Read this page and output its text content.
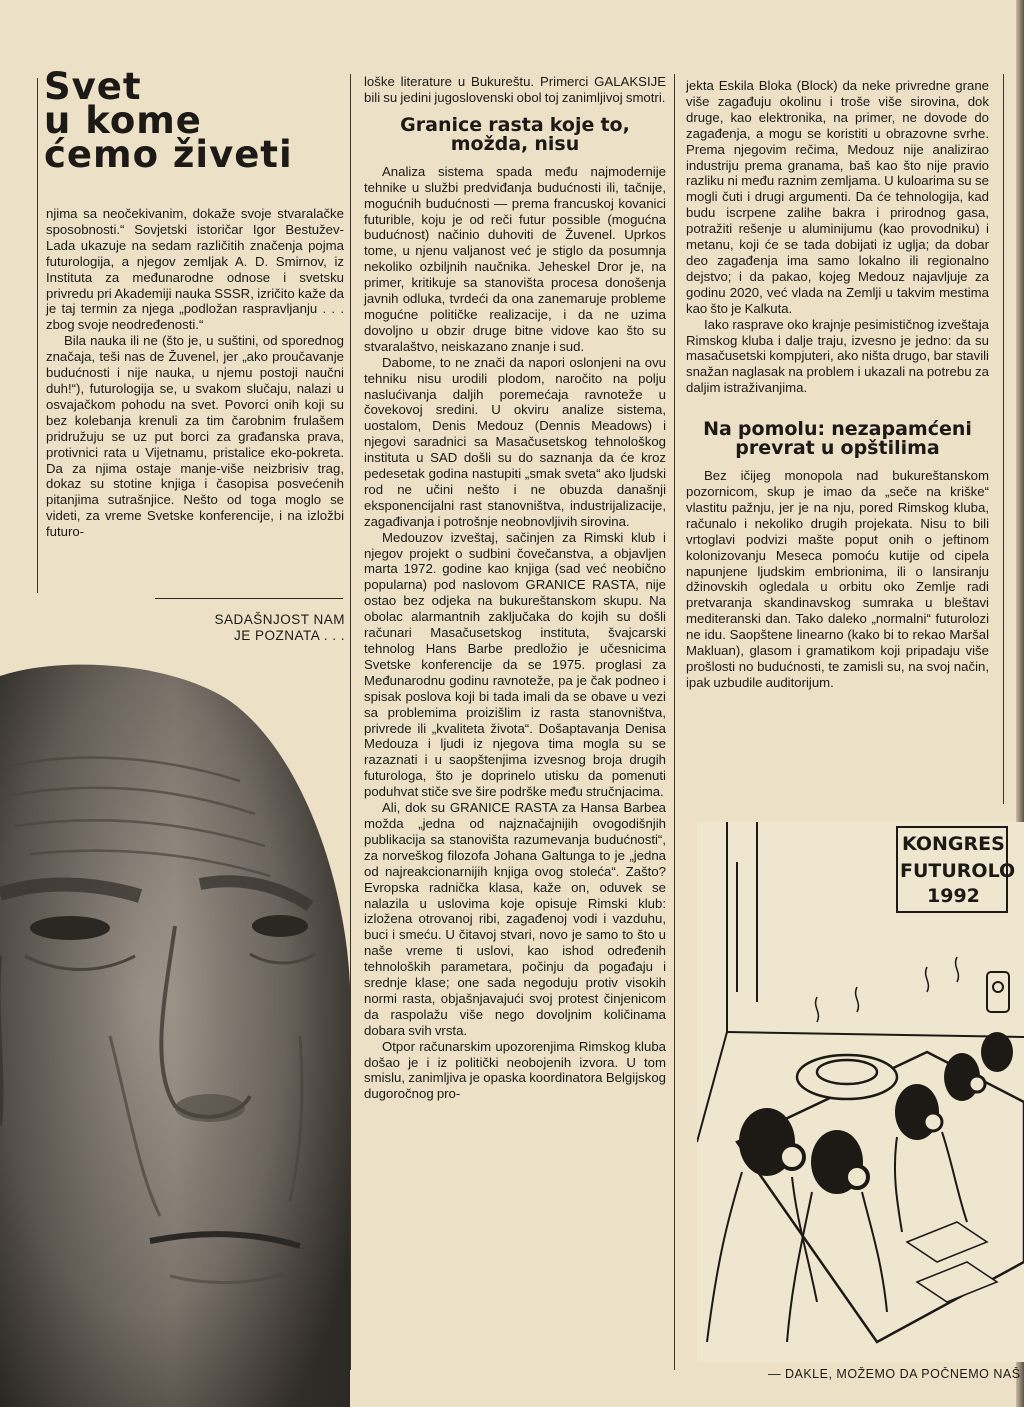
Svet
u kome
ćemo živeti

njima sa neočekivanim, dokaže svoje stvaralačke sposobnosti.“ Sovjetski istoričar Igor Bestužev-Lada ukazuje na sedam različitih značenja pojma futurologija, a njegov zemljak A. D. Smirnov, iz Instituta za međunarodne odnose i svetsku privredu pri Akademiji nauka SSSR, izričito kaže da je taj termin za njega „podložan raspravljanju . . . zbog svoje neodređenosti.“

Bila nauka ili ne (što je, u suštini, od sporednog značaja, teši nas de Žuvenel, jer „ako proučavanje budućnosti i nije nauka, u njemu postoji naučni duh!“), futurologija se, u svakom slučaju, nalazi u osvajačkom pohodu na svet. Povorci onih koji su bez kolebanja krenuli za tim čarobnim frulašem pridružuju se uz put borci za građanska prava, protivnici rata u Vijetnamu, pristalice eko-pokreta. Da za njima ostaje manje-više neizbrisiv trag, dokaz su stotine knjiga i časopisa posvećenih pitanjima sutrašnjice. Nešto od toga moglo se videti, za vreme Svetske konferencije, i na izložbi futuro-

SADAŠNJOST NAM
JE POZNATA . . .

loške literature u Bukureštu. Primerci GALAKSIJE bili su jedini jugoslovenski obol toj zanimljivoj smotri.

Granice rasta koje to,
možda, nisu

Analiza sistema spada među najmodernije tehnike u službi predviđanja budućnosti ili, tačnije, mogućnih budućnosti — prema francuskoj kovanici futurible, koju je od reči futur possible (mogućna budućnost) načinio duhoviti de Žuvenel. Uprkos tome, u njenu valjanost već je stiglo da posumnja nekoliko ozbiljnih naučnika. Jeheskel Dror je, na primer, kritikuje sa stanovišta procesa donošenja javnih odluka, tvrdeći da ona zanemaruje probleme mogućne političke realizacije, i da ne uzima dovoljno u obzir druge bitne vidove kao što su stvaralaštvo, neiskazano znanje i sud.

Dabome, to ne znači da napori oslonjeni na ovu tehniku nisu urodili plodom, naročito na polju naslućivanja daljih poremećaja ravnoteže u čovekovoj sredini. U okviru analize sistema, uostalom, Denis Medouz (Dennis Meadows) i njegovi saradnici sa Masačusetskog tehnološkog instituta u SAD došli su do saznanja da će kroz pedesetak godina nastupiti „smak sveta“ ako ljudski rod ne učini nešto i ne obuzda današnji eksponencijalni rast stanovništva, industrijalizacije, zagađivanja i potrošnje neobnovljivih sirovina.

Medouzov izveštaj, sačinjen za Rimski klub i njegov projekt o sudbini čovečanstva, a objavljen marta 1972. godine kao knjiga (sad već neobično popularna) pod naslovom GRANICE RASTA, nije ostao bez odjeka na bukureštanskom skupu. Na obolac alarmantnih zaključaka do kojih su došli računari Masačusetskog instituta, švajcarski tehnolog Hans Barbe predložio je učesnicima Svetske konferencije da se 1975. proglasi za Međunarodnu godinu ravnoteže, pa je čak podneo i spisak poslova koji bi tada imali da se obave u vezi sa problemima proizišlim iz rasta stanovništva, privrede ili „kvaliteta života“. Došaptavanja Denisa Medouza i ljudi iz njegova tima mogla su se razaznati i u saopštenjima izvesnog broja drugih futurologa, što je doprinelo utisku da pomenuti poduhvat stiče sve šire podrške među stručnjacima.

Ali, dok su GRANICE RASTA za Hansa Barbea možda „jedna od najznačajnijih ovogodišnjih publikacija sa stanovišta razumevanja budućnosti“, za norveškog filozofa Johana Galtunga to je „jedna od najreakcionarnijih knjiga ovog stoleća“. Zašto? Evropska radnička klasa, kaže on, oduvek se nalazila u uslovima koje opisuje Rimski klub: izložena otrovanoj ribi, zagađenoj vodi i vazduhu, buci i smeću. U čitavoj stvari, novo je samo to što u naše vreme ti uslovi, kao ishod određenih tehnoloških parametara, počinju da pogađaju i srednje klase; one sada negoduju protiv visokih normi rasta, objašnjavajući svoj protest činjenicom da raspolažu više nego dovoljnim količinama dobara svih vrsta.

Otpor računarskim upozorenjima Rimskog kluba došao je i iz politički neobojenih izvora. U tom smislu, zanimljiva je opaska koordinatora Belgijskog dugoročnog pro-

jekta Eskila Bloka (Block) da neke privredne grane više zagađuju okolinu i troše više sirovina, dok druge, kao elektronika, na primer, ne dovode do zagađenja, a mogu se koristiti u obrazovne svrhe. Prema njegovim rečima, Medouz nije analizirao industriju prema granama, baš kao što nije pravio razliku ni među raznim zemljama. U kuloarima su se mogli čuti i drugi argumenti. Da će tehnologija, kad budu iscrpene zalihe bakra i prirodnog gasa, potražiti rešenje u aluminijumu (kao provodniku) i metanu, koji će se tada dobijati iz uglja; da dobar deo zagađenja ima samo lokalno ili regionalno dejstvo; i da pakao, kojeg Medouz najavljuje za godinu 2020, već vlada na Zemlji u takvim mestima kao što je Kalkuta.

Iako rasprave oko krajnje pesimističnog izveštaja Rimskog kluba i dalje traju, izvesno je jedno: da su masačusetski kompjuteri, ako ništa drugo, bar stavili snažan naglasak na problem i ukazali na potrebu za daljim istraživanjima.

Na pomolu: nezapamćeni
prevrat u opštilima

Bez ičijeg monopola nad bukureštanskom pozornicom, skup je imao da „seče na kriške“ vlastitu pažnju, jer je na nju, pored Rimskog kluba, računalo i nekoliko drugih projekata. Nisu to bili vrtoglavi podvizi mašte poput onih o jeftinom kolonizovanju Meseca pomoću kutije od cipela napunjene ljudskim embrionima, ili o lansiranju džinovskih ogledala u orbitu oko Zemlje radi pretvaranja skandinavskog sumraka u bleštavi mediteranski dan. Tako daleko „normalni“ futurolozi ne idu. Saopštene linearno (kako bi to rekao Maršal Makluan), glasom i gramatikom koji pripadaju više prošlosti no budućnosti, te zamisli su, na svoj način, ipak uzbudile auditorijum.

KONGRES
FUTUROLO
1992
— DAKLE, MOŽEMO DA POČNEMO NAŠ
